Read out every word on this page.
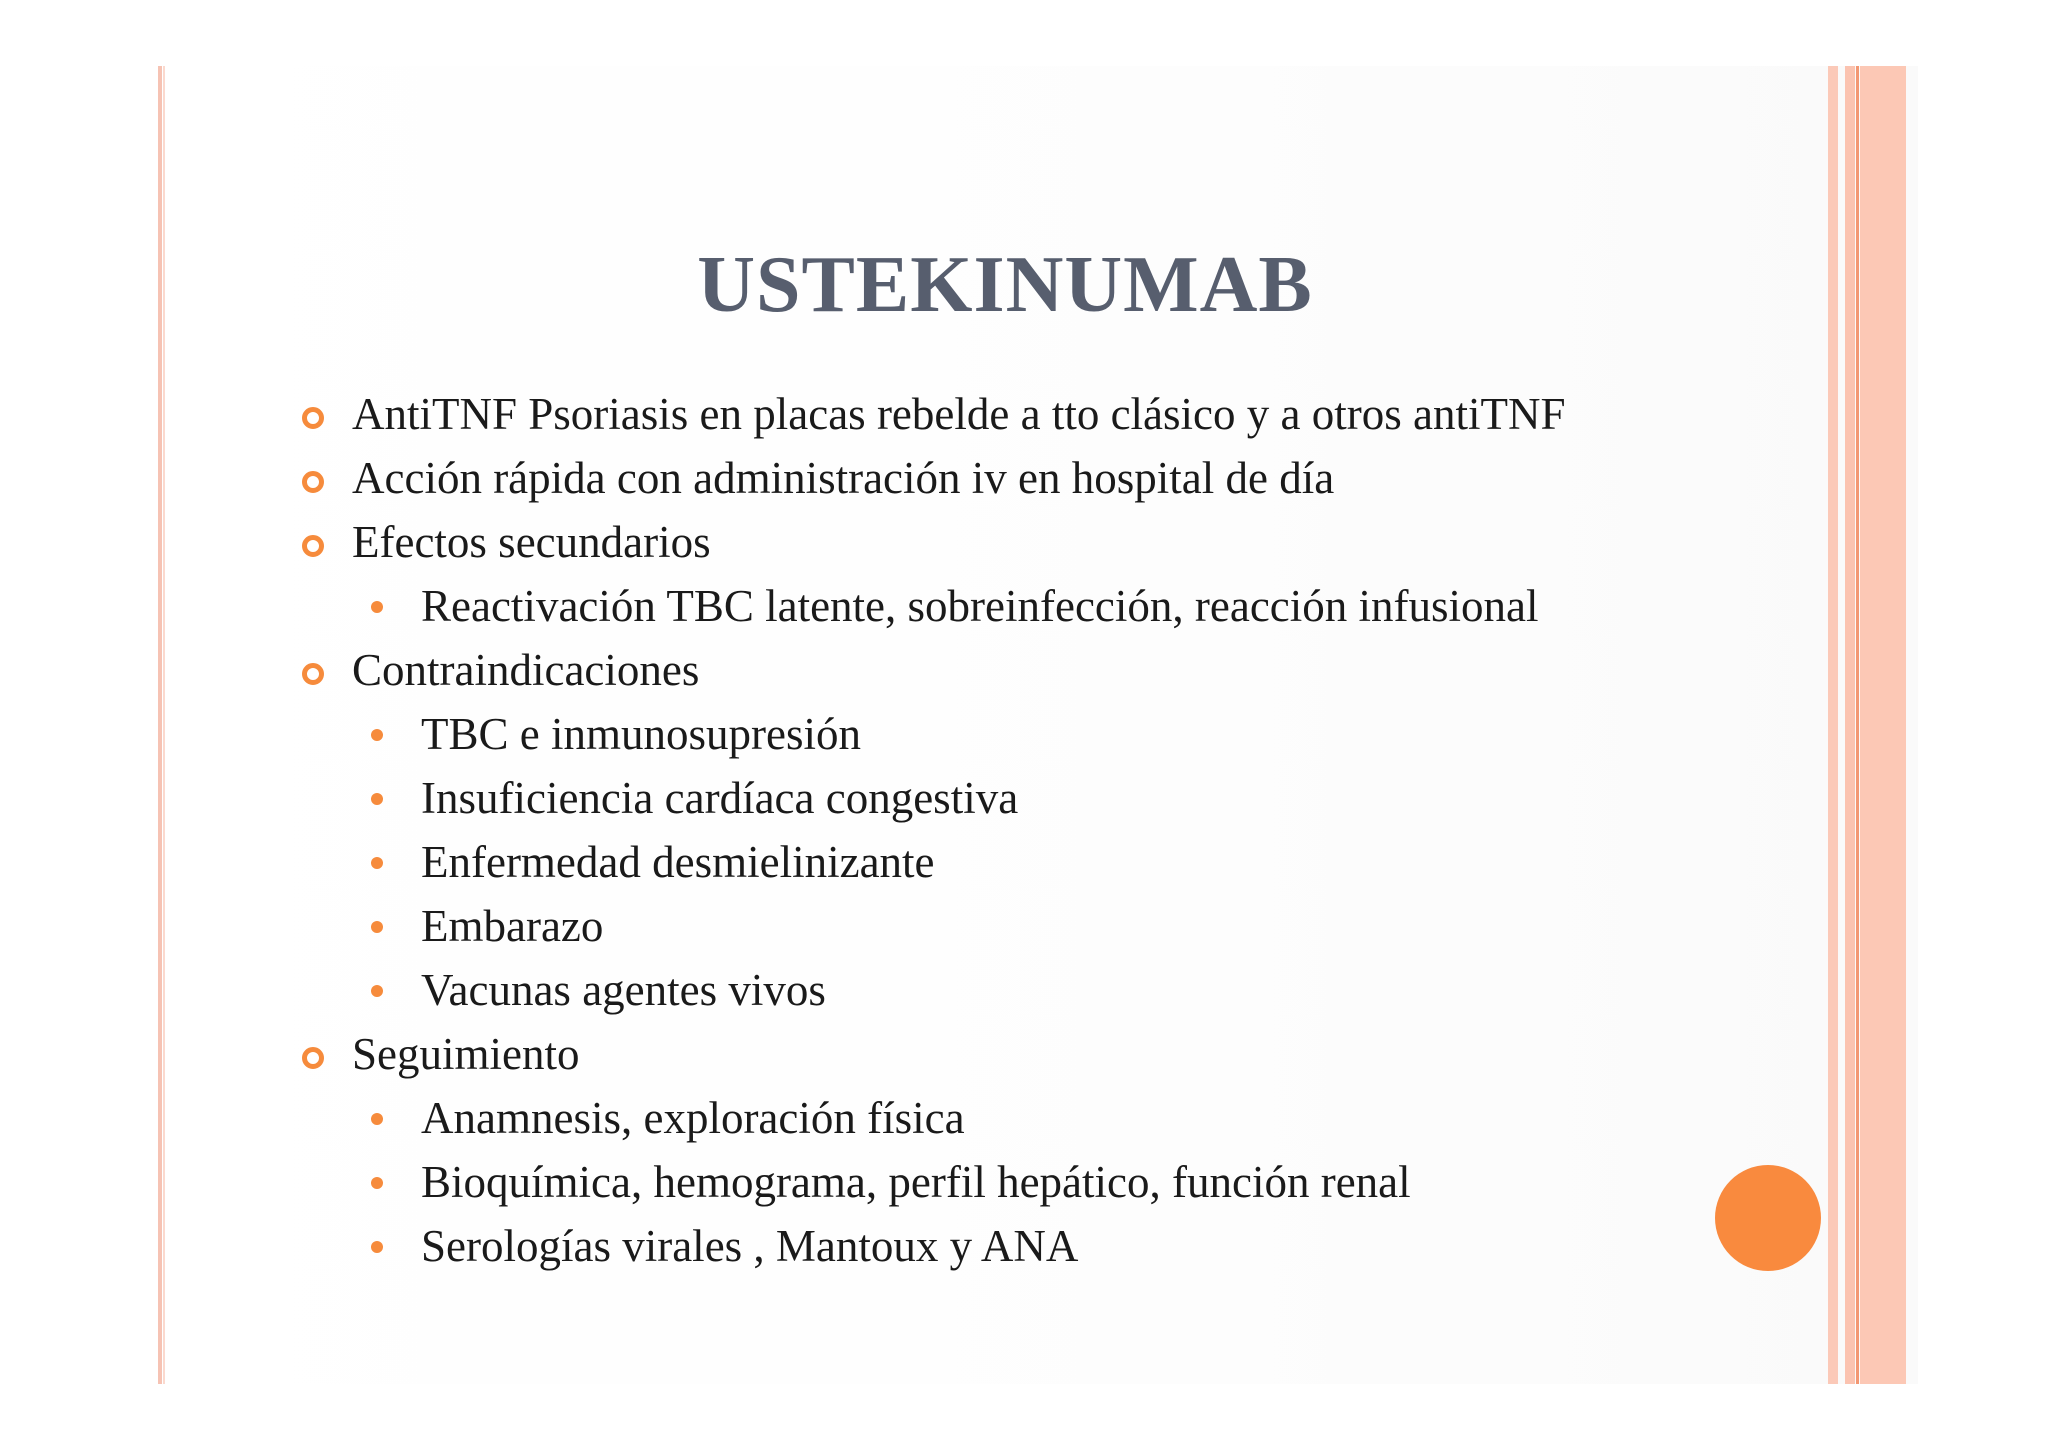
USTEKINUMAB
AntiTNF Psoriasis en placas rebelde a tto clásico y a otros antiTNF
Acción rápida con administración iv en hospital de día
Efectos secundarios
Reactivación TBC latente, sobreinfección, reacción infusional
Contraindicaciones
TBC e inmunosupresión
Insuficiencia cardíaca congestiva
Enfermedad desmielinizante
Embarazo
Vacunas agentes vivos
Seguimiento
Anamnesis, exploración física
Bioquímica, hemograma, perfil hepático, función renal
Serologías virales , Mantoux y ANA
